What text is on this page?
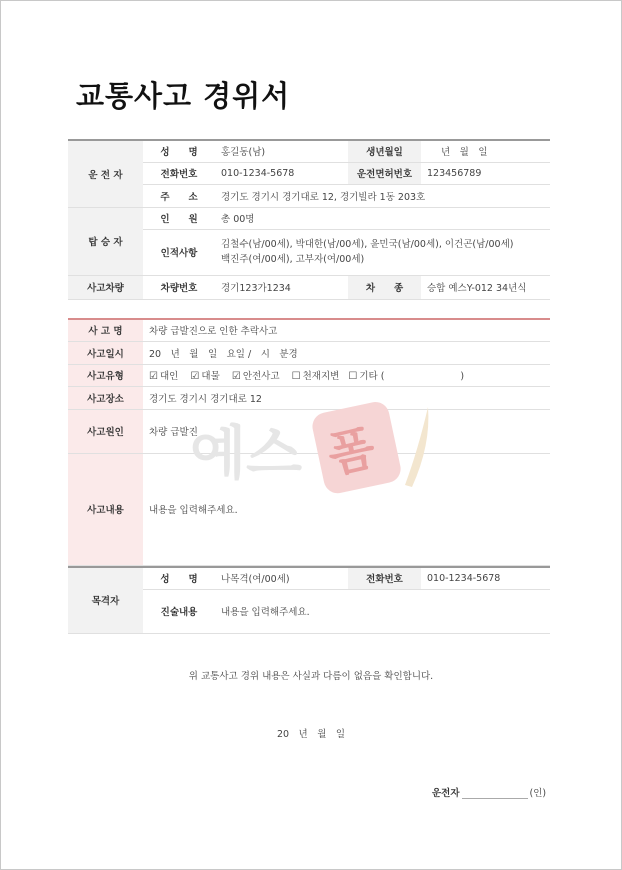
교통사고 경위서
운 전 자	성　　명	홍길동(남)	생년월일	년　월　일
	전화번호	010-1234-5678	운전면허번호	123456789
	주　　소	경기도 경기시 경기대로 12, 경기빌라 1동 203호		
탑 승 자	인　　원	총 00명		
	인적사항	김철수(남/00세), 박대한(남/00세), 윤민국(남/00세), 이건곤(남/00세)
백진주(여/00세), 고부자(여/00세)		

사고차량	차량번호	경기123가1234	차　　종	승합 예스Y-012 34년식
사 고 명	차량 급발진으로 인한 추락사고
사고일시	20　년　월　일　요일 /　시　분경
사고유형	☑ 대인 ☑ 대물 ☑ 안전사고 ☐ 천재지변 ☐ 기타 (　　　　　　　　)
사고장소	경기도 경기시 경기대로 12
사고원인	차량 급발진
사고내용	내용을 입력해주세요.
예스 폼
목격자	성　　명	나목격(여/00세)	전화번호	010-1234-5678
	진술내용	내용을 입력해주세요.		
위 교통사고 경위 내용은 사실과 다름이 없음을 확인합니다.
20　년　월　일
운전자	(인)
